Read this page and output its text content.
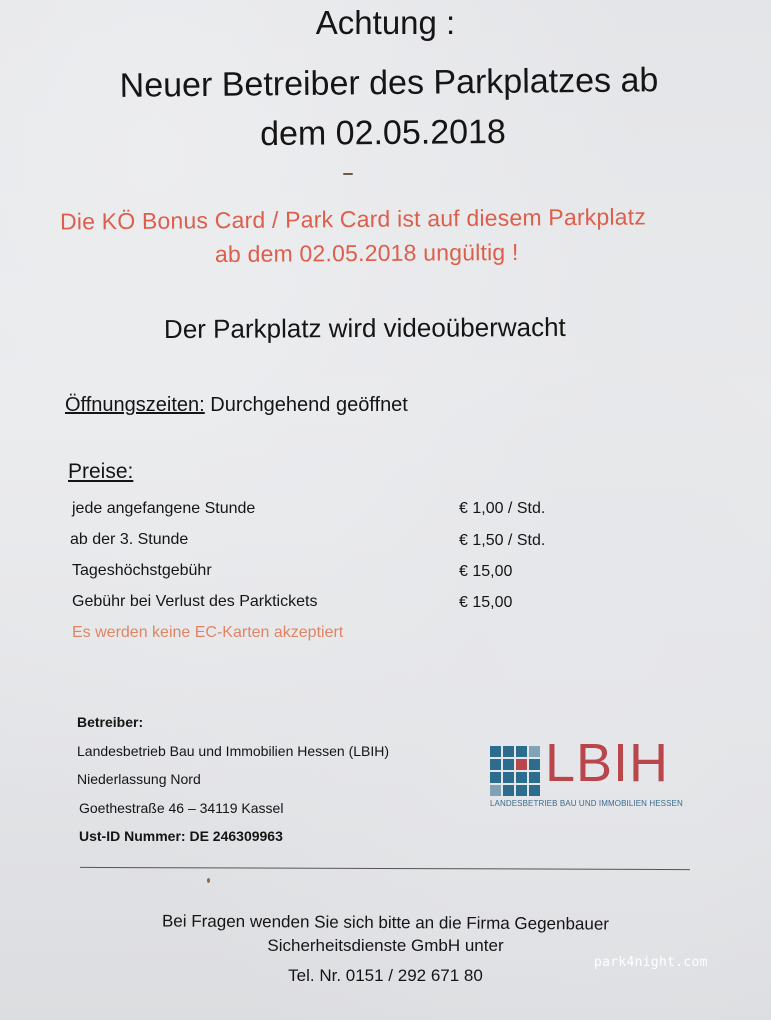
Achtung :
Neuer Betreiber des Parkplatzes ab
dem 02.05.2018
Die KÖ Bonus Card / Park Card ist auf diesem Parkplatz
ab dem 02.05.2018 ungültig !
Der Parkplatz wird videoüberwacht
Öffnungszeiten: Durchgehend geöffnet
Preise:
jede angefangene Stunde	€ 1,00 / Std.
ab der 3. Stunde	€ 1,50 / Std.
Tageshöchstgebühr	€ 15,00
Gebühr bei Verlust des Parktickets	€ 15,00
Es werden keine EC-Karten akzeptiert
Betreiber:
Landesbetrieb Bau und Immobilien Hessen (LBIH)
Niederlassung Nord
Goethestraße 46 – 34119 Kassel
Ust-ID Nummer: DE 246309963
LBIH
LANDESBETRIEB BAU UND IMMOBILIEN HESSEN
Bei Fragen wenden Sie sich bitte an die Firma Gegenbauer
Sicherheitsdienste GmbH unter
Tel. Nr. 0151 / 292 671 80
park4night.com
